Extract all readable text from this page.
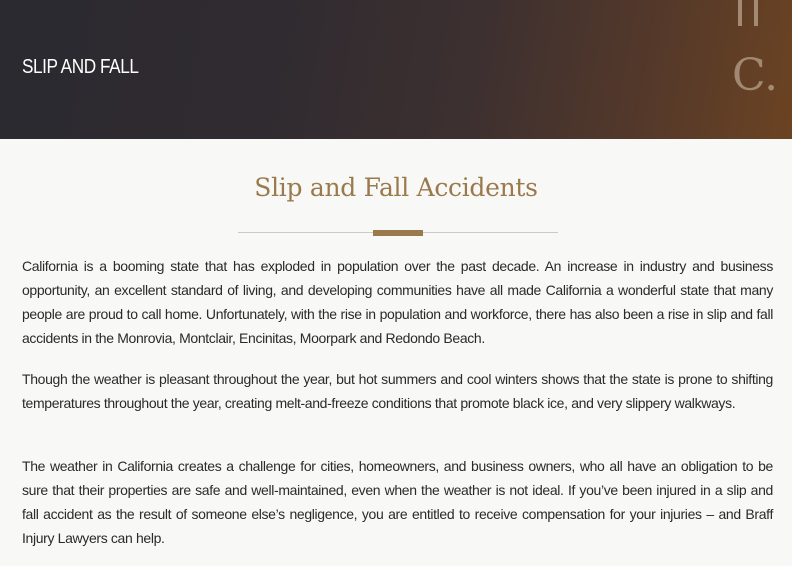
C.
SLIP AND FALL
Slip and Fall Accidents

California is a booming state that has exploded in population over the past decade. An increase in industry and business opportunity, an excellent standard of living, and developing communities have all made California a wonderful state that many people are proud to call home. Unfortunately, with the rise in population and workforce, there has also been a rise in slip and fall accidents in the Monrovia, Montclair, Encinitas, Moorpark and Redondo Beach.

Though the weather is pleasant throughout the year, but hot summers and cool winters shows that the state is prone to shifting temperatures throughout the year, creating melt-and-freeze conditions that promote black ice, and very slippery walkways.

The weather in California creates a challenge for cities, homeowners, and business owners, who all have an obligation to be sure that their properties are safe and well-maintained, even when the weather is not ideal. If you’ve been injured in a slip and fall accident as the result of someone else’s negligence, you are entitled to receive compensation for your injuries – and Braff Injury Lawyers can help.
